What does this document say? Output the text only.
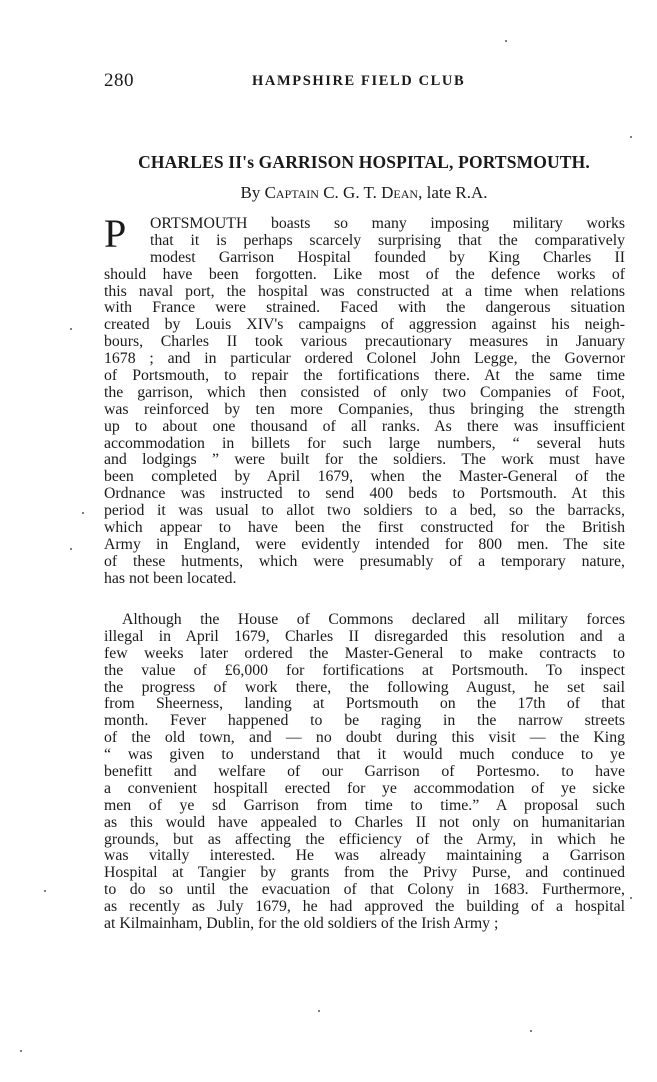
280	HAMPSHIRE FIELD CLUB
CHARLES II's GARRISON HOSPITAL, PORTSMOUTH.
By Captain C. G. T. Dean, late R.A.
P	ORTSMOUTH boasts so many imposing military works
that it is perhaps scarcely surprising that the comparatively
modest Garrison Hospital founded by King Charles II
should have been forgotten. Like most of the defence works of
this naval port, the hospital was constructed at a time when relations
with France were strained. Faced with the dangerous situation
created by Louis XIV's campaigns of aggression against his neigh-
bours, Charles II took various precautionary measures in January
1678 ; and in particular ordered Colonel John Legge, the Governor
of Portsmouth, to repair the fortifications there. At the same time
the garrison, which then consisted of only two Companies of Foot,
was reinforced by ten more Companies, thus bringing the strength
up to about one thousand of all ranks. As there was insufficient
accommodation in billets for such large numbers, “ several huts
and lodgings ” were built for the soldiers. The work must have
been completed by April 1679, when the Master-General of the
Ordnance was instructed to send 400 beds to Portsmouth. At this
period it was usual to allot two soldiers to a bed, so the barracks,
which appear to have been the first constructed for the British
Army in England, were evidently intended for 800 men. The site
of these hutments, which were presumably of a temporary nature,
has not been located.
Although the House of Commons declared all military forces
illegal in April 1679, Charles II disregarded this resolution and a
few weeks later ordered the Master-General to make contracts to
the value of £6,000 for fortifications at Portsmouth. To inspect
the progress of work there, the following August, he set sail
from Sheerness, landing at Portsmouth on the 17th of that
month. Fever happened to be raging in the narrow streets
of the old town, and — no doubt during this visit — the King
“ was given to understand that it would much conduce to ye
benefitt and welfare of our Garrison of Portesmo. to have
a convenient hospitall erected for ye accommodation of ye sicke
men of ye sd Garrison from time to time.” A proposal such
as this would have appealed to Charles II not only on humanitarian
grounds, but as affecting the efficiency of the Army, in which he
was vitally interested. He was already maintaining a Garrison
Hospital at Tangier by grants from the Privy Purse, and continued
to do so until the evacuation of that Colony in 1683. Furthermore,
as recently as July 1679, he had approved the building of a hospital
at Kilmainham, Dublin, for the old soldiers of the Irish Army ;
